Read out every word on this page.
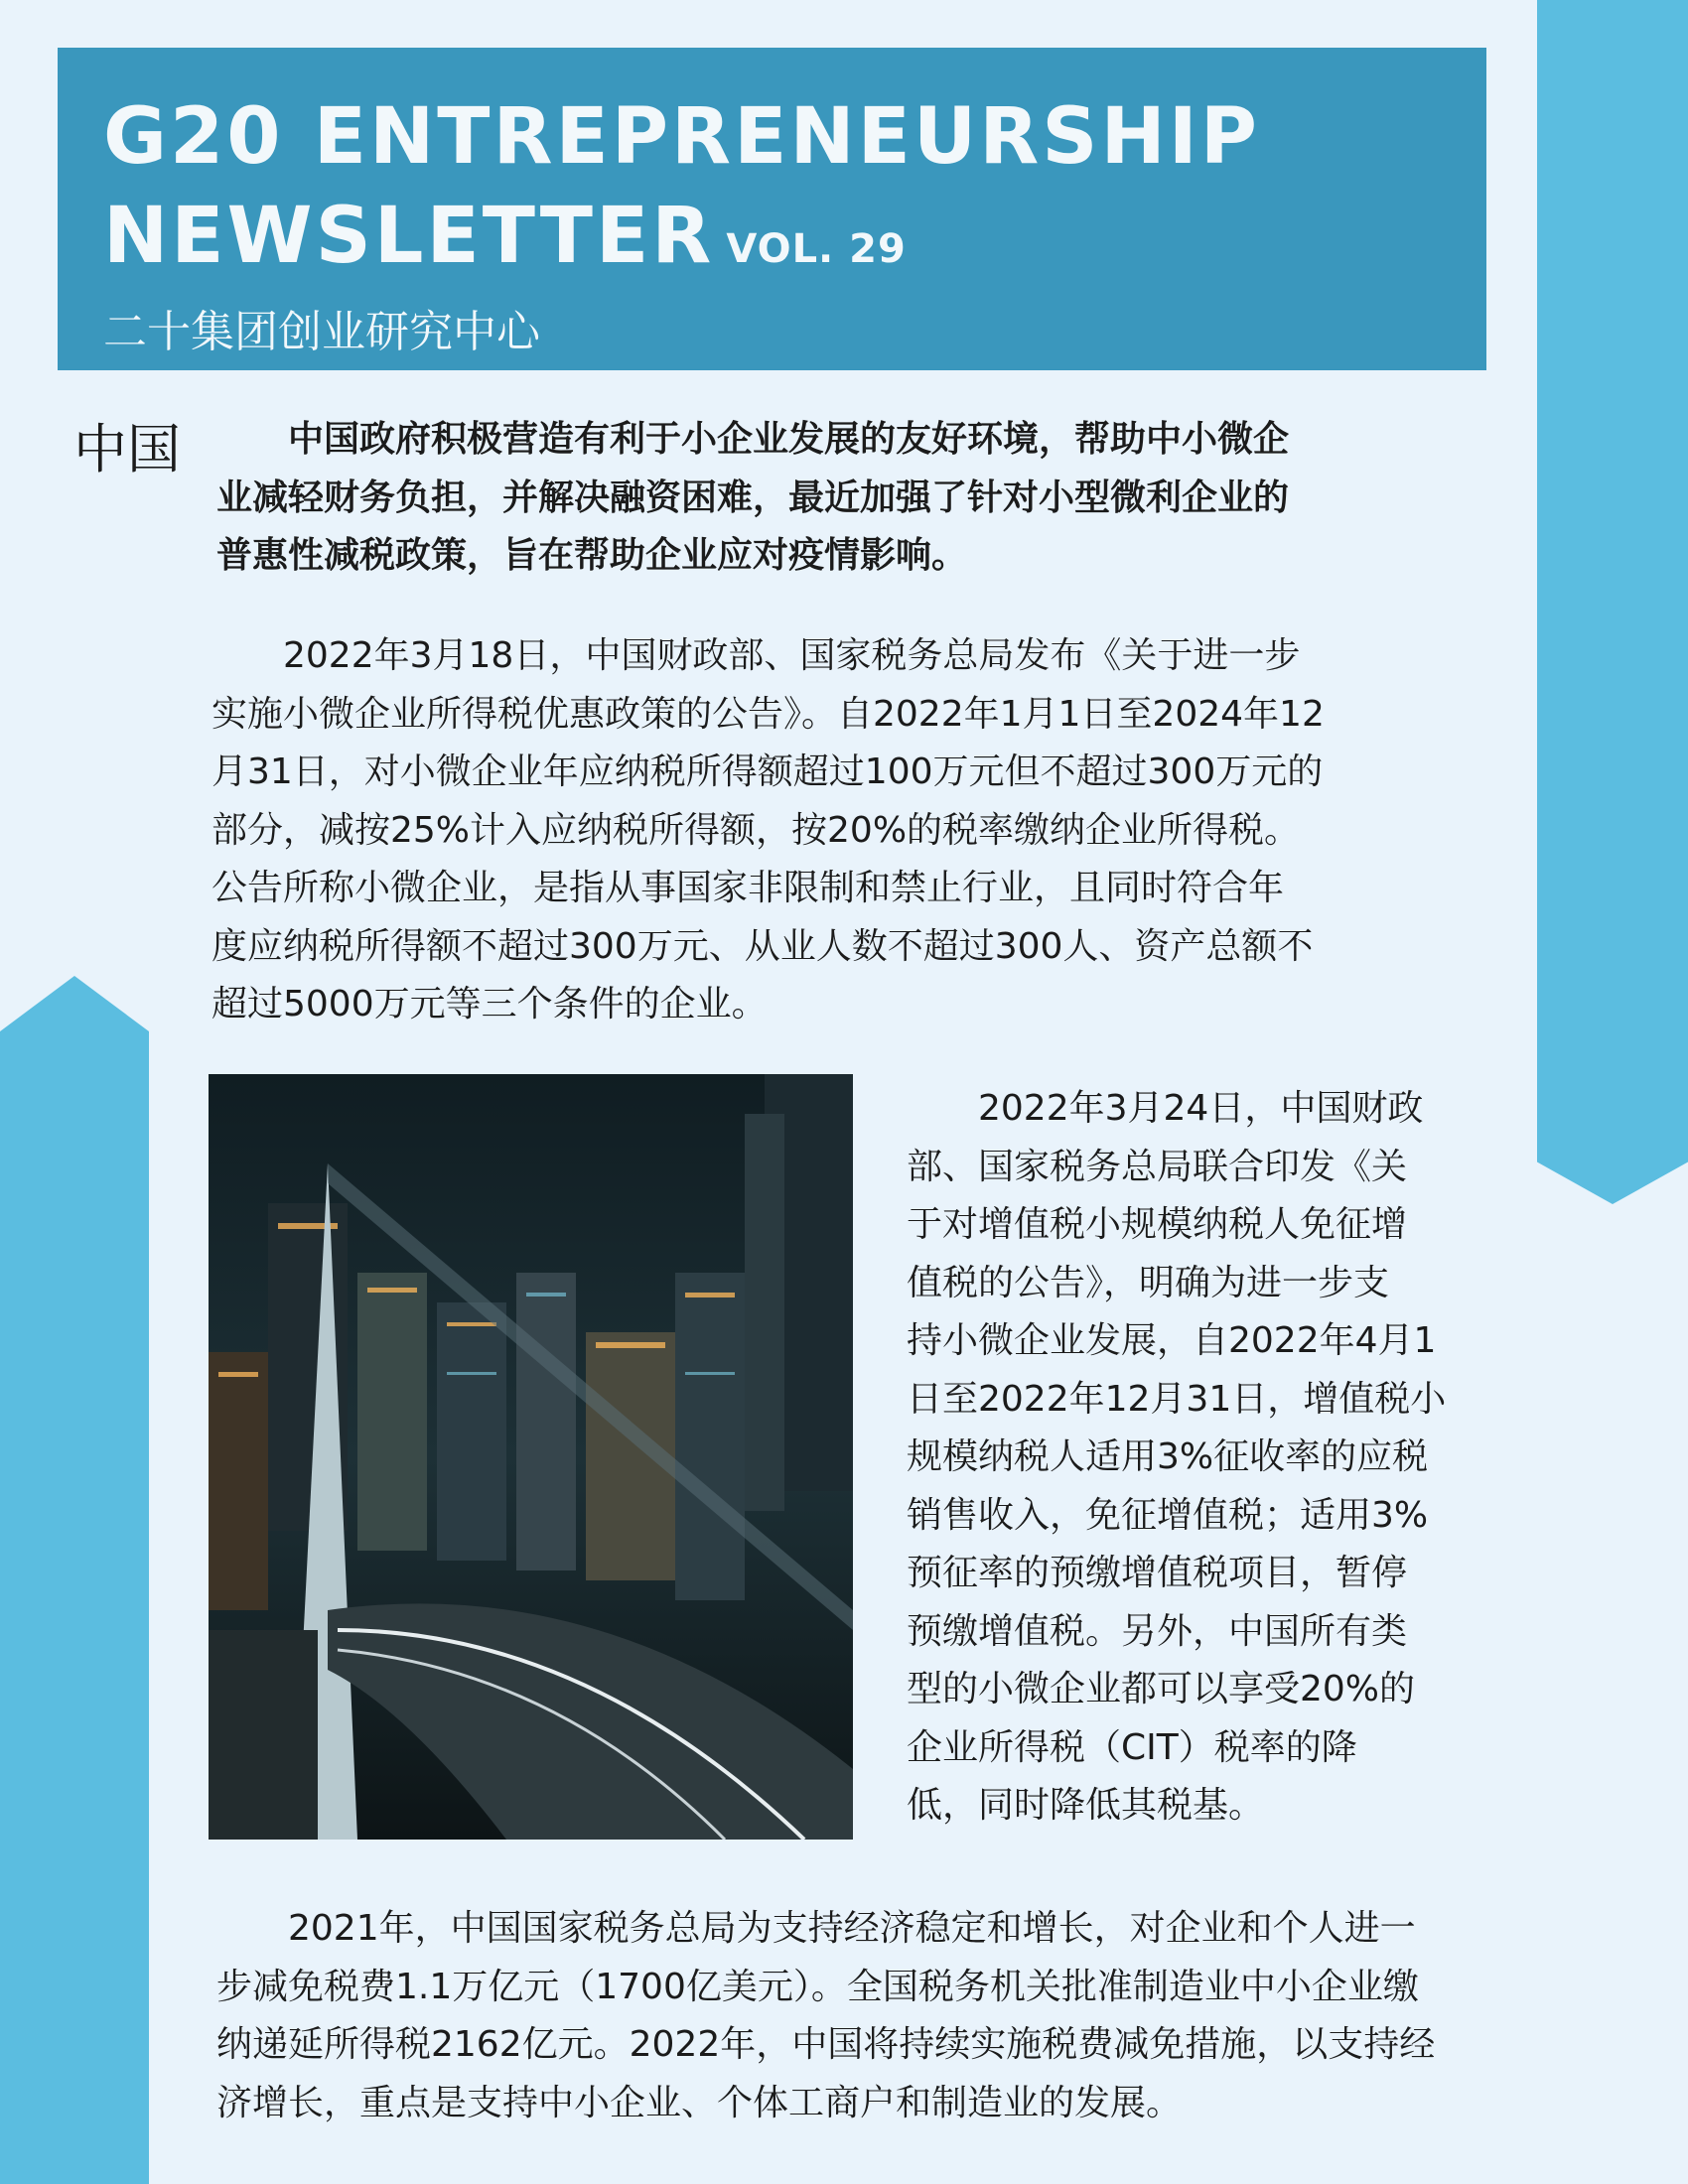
G20 ENTREPRENEURSHIP
NEWSLETTER VOL. 29
二十集团创业研究中心
中国 　　中国政府积极营造有利于小企业发展的友好环境，帮助中小微企
业减轻财务负担，并解决融资困难，最近加强了针对小型微利企业的
普惠性减税政策，旨在帮助企业应对疫情影响。
　　2022年3月18日，中国财政部、国家税务总局发布《关于进一步
实施小微企业所得税优惠政策的公告》。自2022年1月1日至2024年12
月31日，对小微企业年应纳税所得额超过100万元但不超过300万元的
部分，减按25%计入应纳税所得额，按20%的税率缴纳企业所得税。
公告所称小微企业，是指从事国家非限制和禁止行业，且同时符合年
度应纳税所得额不超过300万元、从业人数不超过300人、资产总额不
超过5000万元等三个条件的企业。
　　2022年3月24日，中国财政
部、国家税务总局联合印发《关
于对增值税小规模纳税人免征增
值税的公告》，明确为进一步支
持小微企业发展，自2022年4月1
日至2022年12月31日，增值税小
规模纳税人适用3%征收率的应税
销售收入，免征增值税；适用3%
预征率的预缴增值税项目，暂停
预缴增值税。另外，中国所有类
型的小微企业都可以享受20%的
企业所得税（CIT）税率的降
低，同时降低其税基。
　　2021年，中国国家税务总局为支持经济稳定和增长，对企业和个人进一
步减免税费1.1万亿元（1700亿美元）。全国税务机关批准制造业中小企业缴
纳递延所得税2162亿元。2022年，中国将持续实施税费减免措施，以支持经
济增长，重点是支持中小企业、个体工商户和制造业的发展。
